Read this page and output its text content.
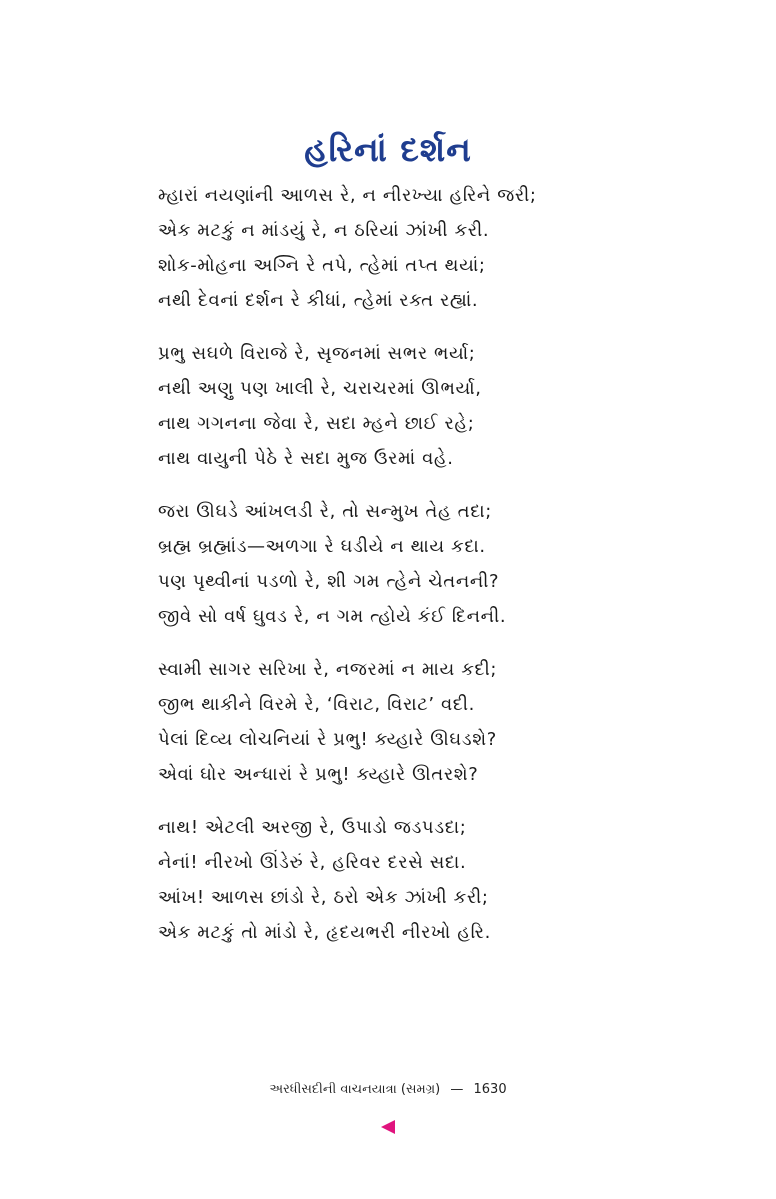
હરિનાં દર્શન
મ્હારાં નયણાંની આળસ રે, ન નીરખ્યા હરિને જરી;
એક મટકું ન માંડયું રે, ન ઠરિયાં ઝાંખી કરી.
શોક-મોહના અગ્નિ રે તપે, ત્હેમાં તપ્ત થયાં;
નથી દેવનાં દર્શન રે કીધાં, ત્હેમાં રક્ત રહ્યાં.
પ્રભુ સઘળે વિરાજે રે, સૃજનમાં સભર ભર્યા;
નથી અણુ પણ ખાલી રે, ચરાચરમાં ઊભર્યા,
નાથ ગગનના જેવા રે, સદા મ્હને છાઈ રહે;
નાથ વાયુની પેઠે રે સદા મુજ ઉરમાં વહે.
જરા ઊઘડે આંખલડી રે, તો સન્મુખ તેહ તદા;
બ્રહ્મ બ્રહ્માંડ—અળગા રે ઘડીયે ન થાય કદા.
પણ પૃથ્વીનાં પડળો રે, શી ગમ ત્હેને ચેતનની?
જીવે સો વર્ષ ઘુવડ રે, ન ગમ ત્હોયે કંઈ દિનની.
સ્વામી સાગર સરિખા રે, નજરમાં ન માય કદી;
જીભ થાકીને વિરમે રે, ‘વિરાટ, વિરાટ’ વદી.
પેલાં દિવ્ય લોચનિયાં રે પ્રભુ! ક્ય્હારે ઊઘડશે?
એવાં ઘોર અન્ધારાં રે પ્રભુ! ક્ય્હારે ઊતરશે?
નાથ! એટલી અરજી રે, ઉપાડો જડપડદા;
નેનાં! નીરખો ઊંડેરું રે, હરિવર દરસે સદા.
આંખ! આળસ છાંડો રે, ઠરો એક ઝાંખી કરી;
એક મટકું તો માંડો રે, હૃદયભરી નીરખો હરિ.
અરધીસદીની વાચનયાત્રા (સમગ્ર) — 1630
